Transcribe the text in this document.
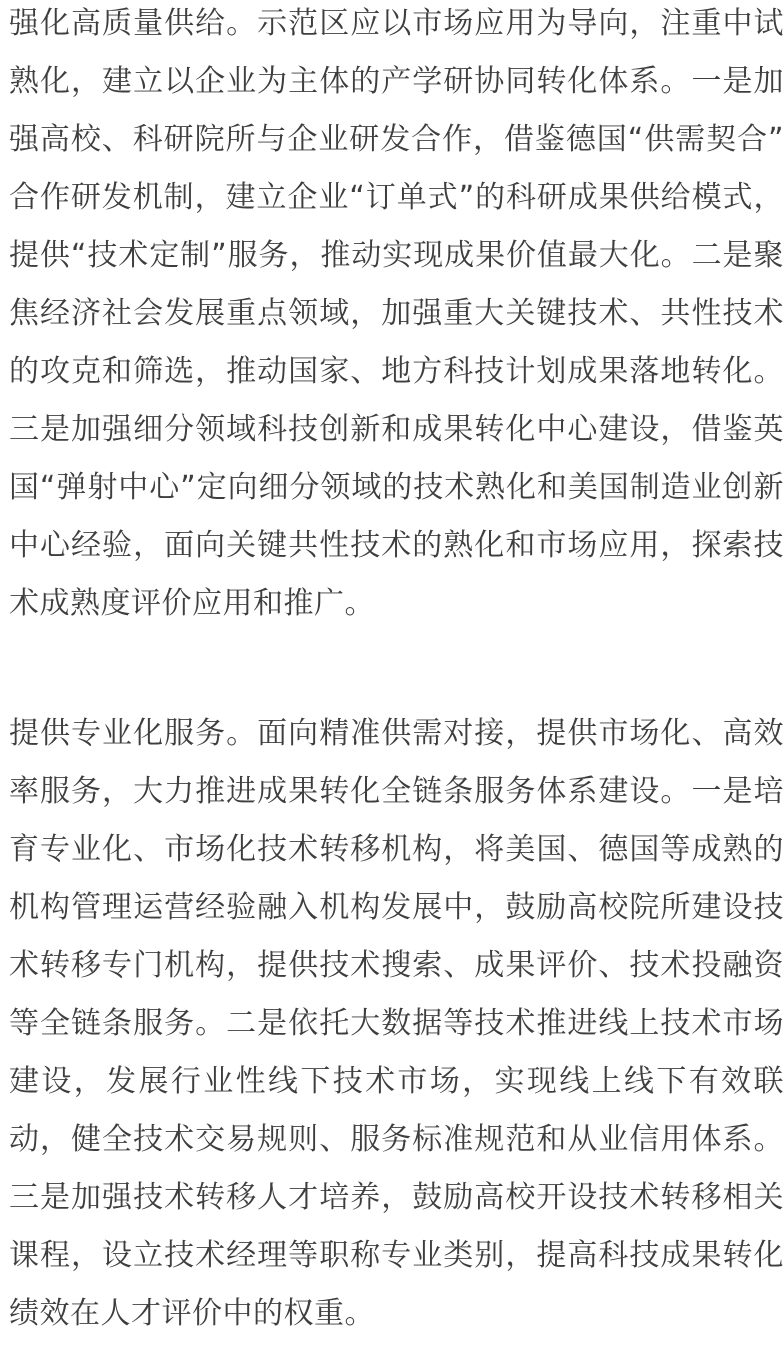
强化高质量供给。示范区应以市场应用为导向，注重中试
熟化，建立以企业为主体的产学研协同转化体系。一是加
强高校、科研院所与企业研发合作，借鉴德国“供需契合”
合作研发机制，建立企业“订单式”的科研成果供给模式，
提供“技术定制”服务，推动实现成果价值最大化。二是聚
焦经济社会发展重点领域，加强重大关键技术、共性技术
的攻克和筛选，推动国家、地方科技计划成果落地转化。
三是加强细分领域科技创新和成果转化中心建设，借鉴英
国“弹射中心”定向细分领域的技术熟化和美国制造业创新
中心经验，面向关键共性技术的熟化和市场应用，探索技
术成熟度评价应用和推广。
提供专业化服务。面向精准供需对接，提供市场化、高效
率服务，大力推进成果转化全链条服务体系建设。一是培
育专业化、市场化技术转移机构，将美国、德国等成熟的
机构管理运营经验融入机构发展中，鼓励高校院所建设技
术转移专门机构，提供技术搜索、成果评价、技术投融资
等全链条服务。二是依托大数据等技术推进线上技术市场
建设，发展行业性线下技术市场，实现线上线下有效联
动，健全技术交易规则、服务标准规范和从业信用体系。
三是加强技术转移人才培养，鼓励高校开设技术转移相关
课程，设立技术经理等职称专业类别，提高科技成果转化
绩效在人才评价中的权重。
